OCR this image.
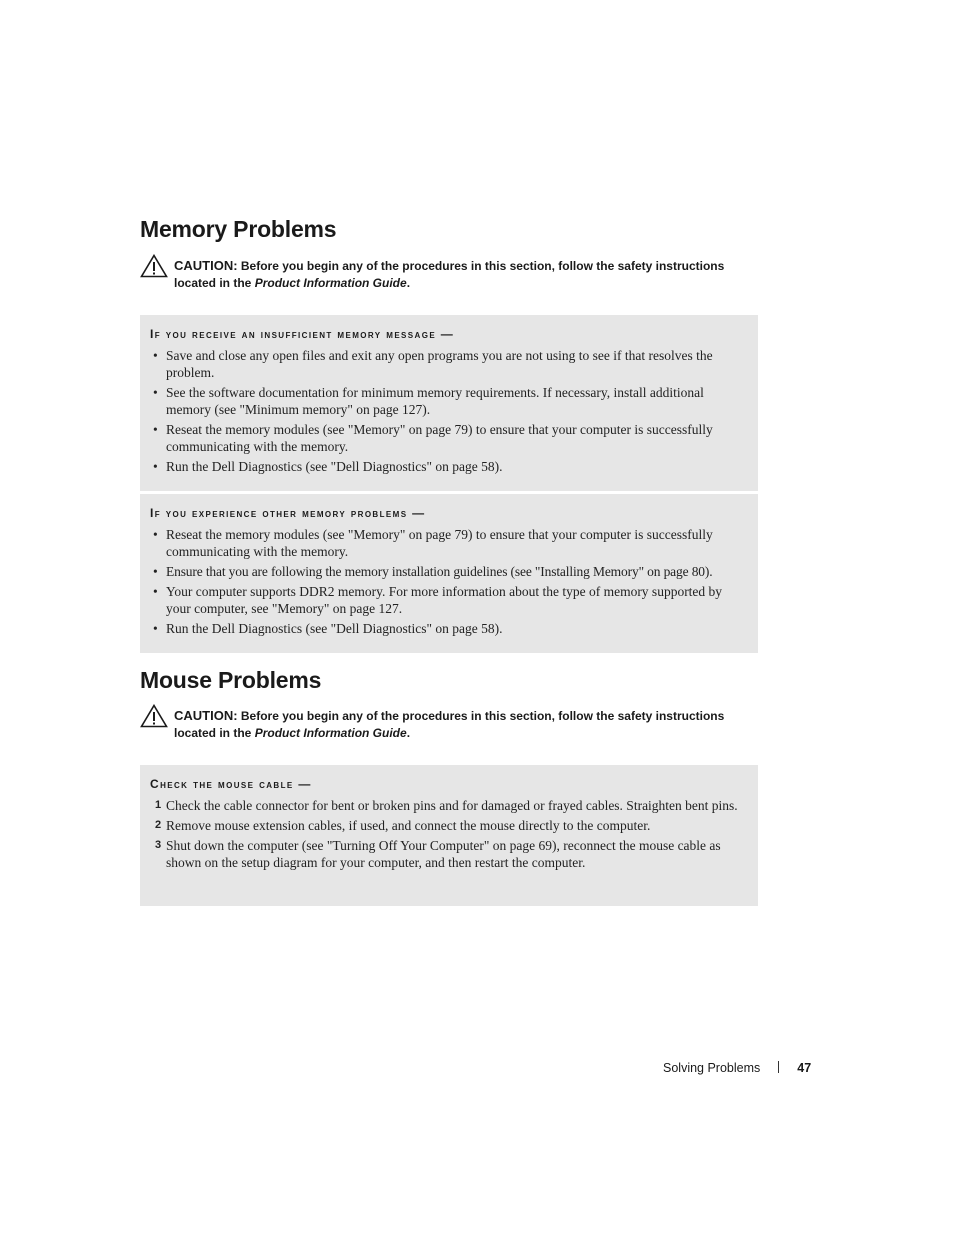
Memory Problems
CAUTION: Before you begin any of the procedures in this section, follow the safety instructions located in the Product Information Guide.
If you receive an insufficient memory message —
• Save and close any open files and exit any open programs you are not using to see if that resolves the problem.
• See the software documentation for minimum memory requirements. If necessary, install additional memory (see "Minimum memory" on page 127).
• Reseat the memory modules (see "Memory" on page 79) to ensure that your computer is successfully communicating with the memory.
• Run the Dell Diagnostics (see "Dell Diagnostics" on page 58).
If you experience other memory problems —
• Reseat the memory modules (see "Memory" on page 79) to ensure that your computer is successfully communicating with the memory.
• Ensure that you are following the memory installation guidelines (see "Installing Memory" on page 80).
• Your computer supports DDR2 memory. For more information about the type of memory supported by your computer, see "Memory" on page 127.
• Run the Dell Diagnostics (see "Dell Diagnostics" on page 58).
Mouse Problems
CAUTION: Before you begin any of the procedures in this section, follow the safety instructions located in the Product Information Guide.
Check the mouse cable —
1 Check the cable connector for bent or broken pins and for damaged or frayed cables. Straighten bent pins.
2 Remove mouse extension cables, if used, and connect the mouse directly to the computer.
3 Shut down the computer (see "Turning Off Your Computer" on page 69), reconnect the mouse cable as shown on the setup diagram for your computer, and then restart the computer.
Solving Problems	47
